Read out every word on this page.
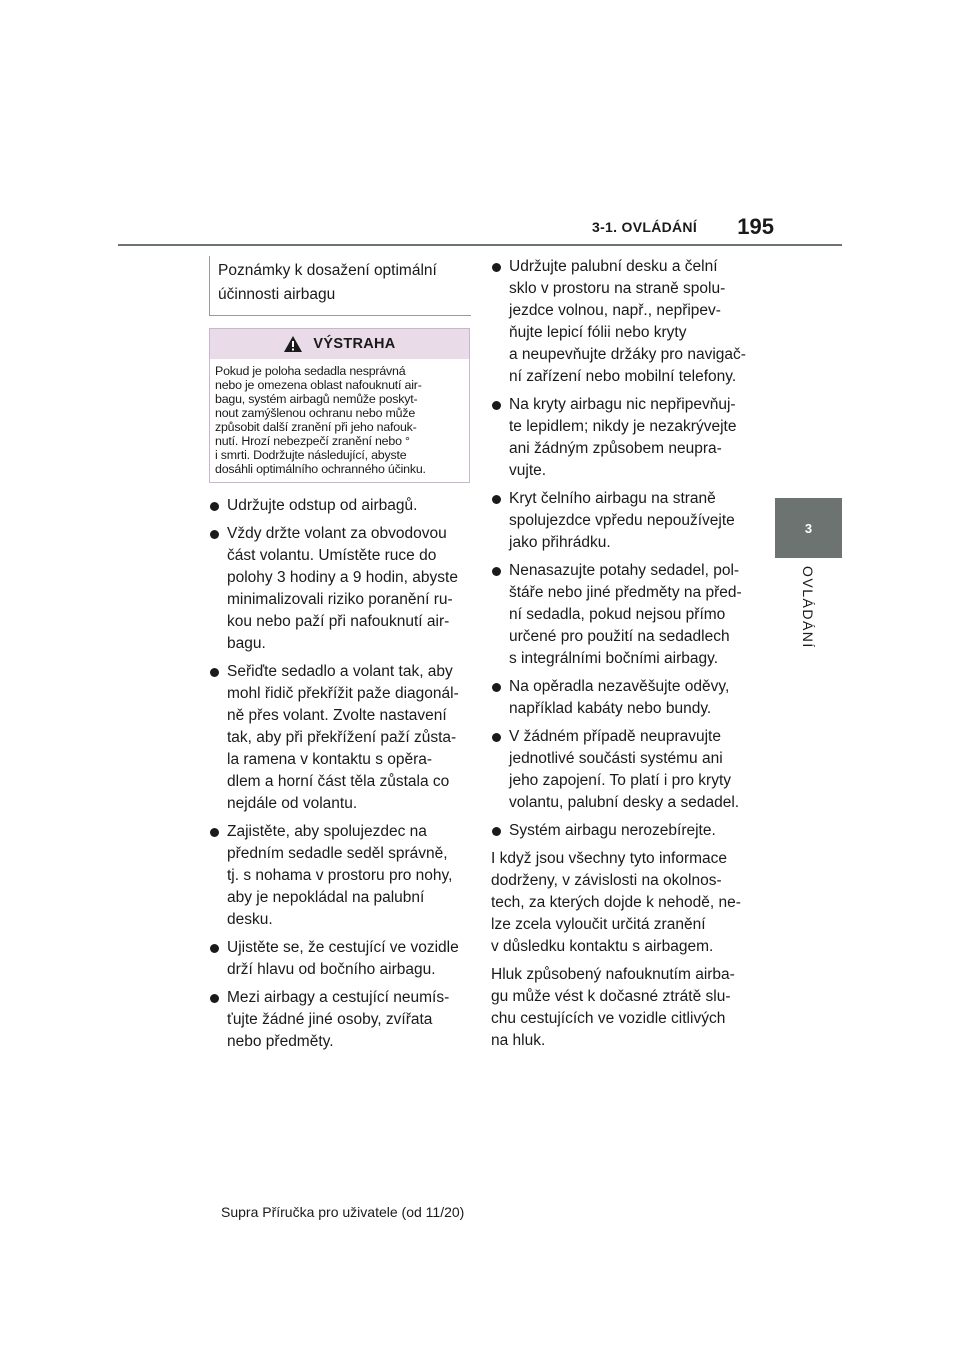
195
3-1. OVLÁDÁNÍ
3
OVLÁDÁNÍ
Poznámky k dosažení optimální účinnosti airbagu
VÝSTRAHA
Pokud je poloha sedadla nesprávná
nebo je omezena oblast nafouknutí air-
bagu, systém airbagů nemůže poskyt-
nout zamýšlenou ochranu nebo může
způsobit další zranění při jeho nafouk-
nutí. Hrozí nebezpečí zranění nebo °
i smrti. Dodržujte následující, abyste
dosáhli optimálního ochranného účinku.
Udržujte odstup od airbagů.
Vždy držte volant za obvodovou
část volantu. Umístěte ruce do
polohy 3 hodiny a 9 hodin, abyste
minimalizovali riziko poranění ru-
kou nebo paží při nafouknutí air-
bagu.
Seřiďte sedadlo a volant tak, aby
mohl řidič překřížit paže diagonál-
ně přes volant. Zvolte nastavení
tak, aby při překřížení paží zůsta-
la ramena v kontaktu s opěra-
dlem a horní část těla zůstala co
nejdále od volantu.
Zajistěte, aby spolujezdec na
předním sedadle seděl správně,
tj. s nohama v prostoru pro nohy,
aby je nepokládal na palubní
desku.
Ujistěte se, že cestující ve vozidle
drží hlavu od bočního airbagu.
Mezi airbagy a cestující neumís-
ťujte žádné jiné osoby, zvířata
nebo předměty.
Udržujte palubní desku a čelní
sklo v prostoru na straně spolu-
jezdce volnou, např., nepřipev-
ňujte lepicí fólii nebo kryty
a neupevňujte držáky pro navigač-
ní zařízení nebo mobilní telefony.
Na kryty airbagu nic nepřipevňuj-
te lepidlem; nikdy je nezakrývejte
ani žádným způsobem neupra-
vujte.
Kryt čelního airbagu na straně
spolujezdce vpředu nepoužívejte
jako přihrádku.
Nenasazujte potahy sedadel, pol-
štáře nebo jiné předměty na před-
ní sedadla, pokud nejsou přímo
určené pro použití na sedadlech
s integrálními bočními airbagy.
Na opěradla nezavěšujte oděvy,
například kabáty nebo bundy.
V žádném případě neupravujte
jednotlivé součásti systému ani
jeho zapojení. To platí i pro kryty
volantu, palubní desky a sedadel.
Systém airbagu nerozebírejte.

I když jsou všechny tyto informace
dodrženy, v závislosti na okolnos-
tech, za kterých dojde k nehodě, ne-
lze zcela vyloučit určitá zranění
v důsledku kontaktu s airbagem.

Hluk způsobený nafouknutím airba-
gu může vést k dočasné ztrátě slu-
chu cestujících ve vozidle citlivých
na hluk.

Supra Příručka pro uživatele (od 11/20)
